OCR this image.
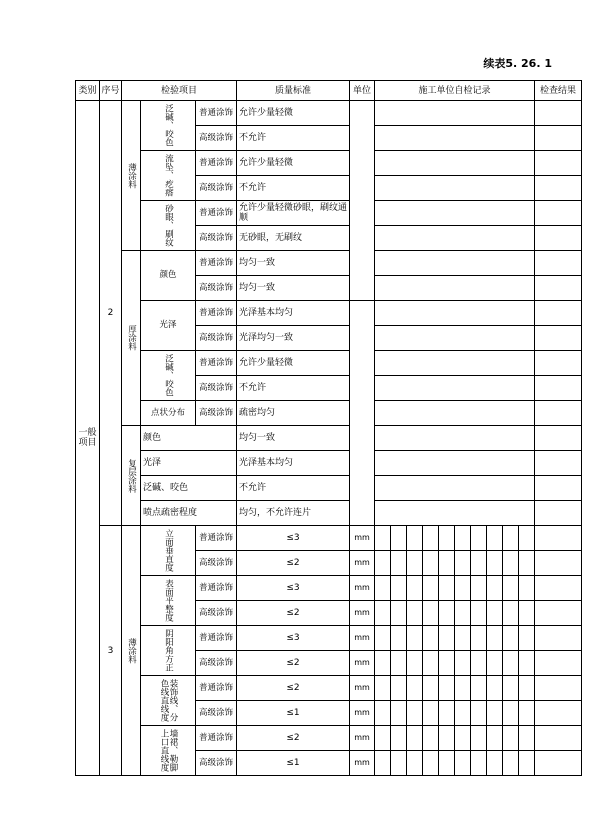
续表5. 26. 1
类别	序号	检验项目			质量标准	单位	施工单位自检记录										检查结果
一般项目	2	薄涂料	泛碱、咬色	普通涂饰	允许少量轻微												
				高级涂饰	不允许												
			流坠、疙瘩	普通涂饰	允许少量轻微												
				高级涂饰	不允许												
			砂眼、刷纹	普通涂饰	允许少量轻微砂眼，刷纹通顺												
				高级涂饰	无砂眼，无刷纹												
		厚涂料	颜色	普通涂饰	均匀一致												
				高级涂饰	均匀一致												
			光泽	普通涂饰	光泽基本均匀												
				高级涂饰	光泽均匀一致												
			泛碱、咬色	普通涂饰	允许少量轻微												
				高级涂饰	不允许												
			点状分布	高级涂饰	疏密均匀												
		复层涂料	颜色		均匀一致												
			光泽		光泽基本均匀												
			泛碱、咬色		不允许												
			喷点疏密程度		均匀，不允许连片												
	3	薄涂料	立面垂直度	普通涂饰	≤3	mm											
				高级涂饰	≤2	mm											
			表面平整度	普通涂饰	≤3	mm											
				高级涂饰	≤2	mm											
			阴阳角方正	普通涂饰	≤3	mm											
				高级涂饰	≤2	mm											
			装饰线、分色线直线度	普通涂饰	≤2	mm											
				高级涂饰	≤1	mm											
			墙裙、勒脚上口直线度	普通涂饰	≤2	mm											
				高级涂饰	≤1	mm											
